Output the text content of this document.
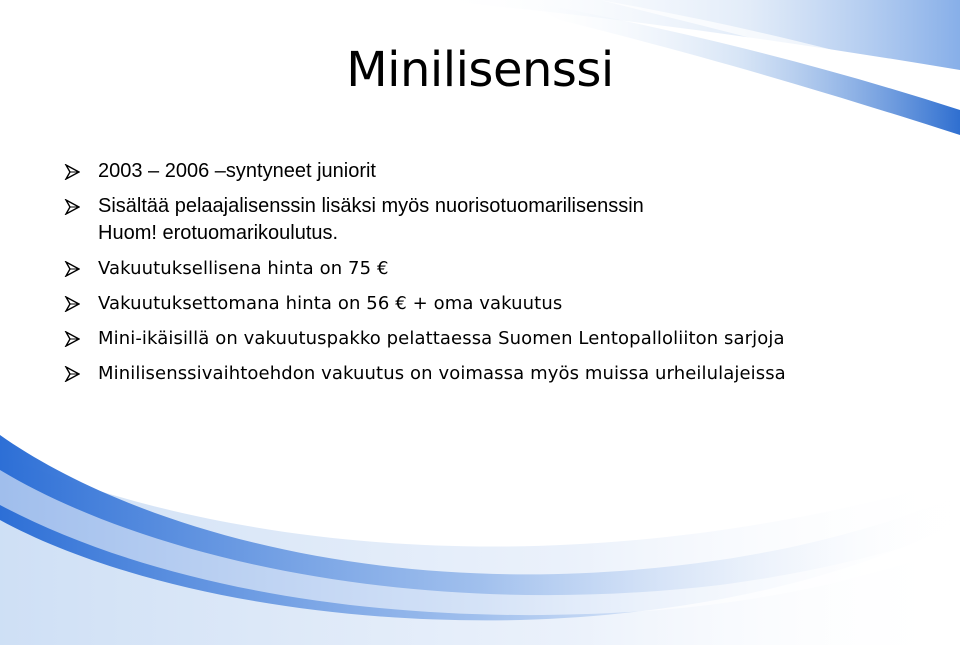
Minilisenssi
2003 – 2006 –syntyneet juniorit
Sisältää pelaajalisenssin lisäksi myös nuorisotuomarilisenssin
Huom! erotuomarikoulutus.
Vakuutuksellisena hinta on 75 €
Vakuutuksettomana hinta on 56 € + oma vakuutus
Mini-ikäisillä on vakuutuspakko pelattaessa Suomen Lentopalloliiton sarjoja
Minilisenssivaihtoehdon vakuutus on voimassa myös muissa urheilulajeissa
